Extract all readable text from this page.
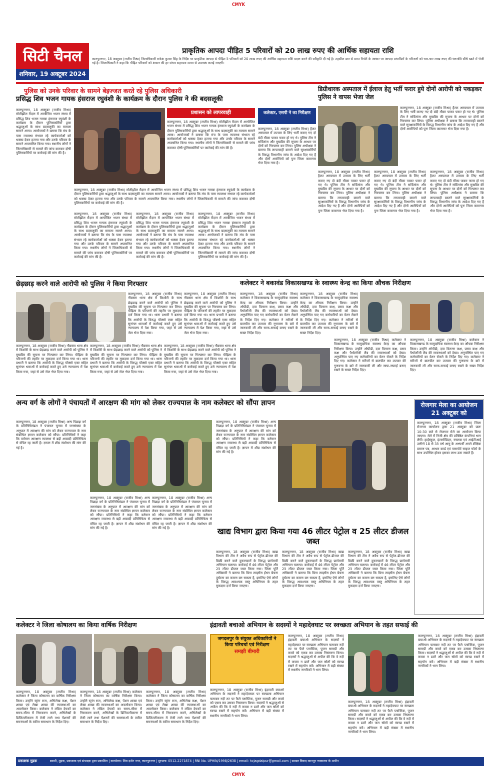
CMYK
सिटी चैनल
शनिवार, 19 अक्टूबर 2024
प्राकृतिक आपदा पीड़ित 5 परिवारों को 20 लाख रुपए की आर्थिक सहायता राशि
कानपुरनगर, 18 अक्टूबर (राजीव मिश्रा) जिलाधिकारी राकेश कुमार सिंह के निर्देश पर प्राकृतिक आपदा से पीड़ित 5 परिवारों को 20 लाख रुपए की आर्थिक सहायता राशि प्रदान करने की स्वीकृति दी गई है। तहसील स्तर से प्राप्त रिपोर्ट के आधार पर आपदा प्रभावितों के परिजनों को चार-चार लाख रुपए की धनराशि सीधे खाते में भेजी गई है। जिलाधिकारी ने कहा कि पीड़ित परिवारों को शासन की हर संभव सहायता समय से उपलब्ध कराई जाएगी।
पुलिस को उनके परिवार के सामने बेइज्जत करते रहे पुलिस अधिकारी
प्रसिद्ध शिव भजन गायक हंसराज रघुवंशी के कार्यक्रम के दौरान पुलिस ने की बदसलूकी
कानपुरनगर, 18 अक्टूबर (राजीव मिश्रा) मोतीझील मैदान में आयोजित भजन संध्या में प्रसिद्ध शिव भजन गायक हंसराज रघुवंशी के कार्यक्रम के दौरान पुलिसकर्मियों द्वारा श्रद्धालुओं के साथ बदसलूकी का मामला सामने आया। आयोजकों ने बताया कि मंच के पास व्यवस्था संभाल रहे कार्यकर्ताओं को धक्का देकर हटाया गया और उनके परिवार के सामने अपमानित किया गया। स्थानीय लोगों ने जिलाधिकारी से मामले की जांच कराकर दोषी पुलिसकर्मियों पर कार्रवाई की मांग की है।
प्रशासन को लापरवाही
कानपुरनगर, 18 अक्टूबर (राजीव मिश्रा) मोतीझील मैदान में आयोजित भजन संध्या में प्रसिद्ध शिव भजन गायक हंसराज रघुवंशी के कार्यक्रम के दौरान पुलिसकर्मियों द्वारा श्रद्धालुओं के साथ बदसलूकी का मामला सामने आया। आयोजकों ने बताया कि मंच के पास व्यवस्था संभाल रहे कार्यकर्ताओं को धक्का देकर हटाया गया और उनके परिवार के सामने अपमानित किया गया। स्थानीय लोगों ने जिलाधिकारी से मामले की जांच कराकर दोषी पुलिसकर्मियों पर कार्रवाई की मांग की है।
कानपुरनगर, 18 अक्टूबर (राजीव मिश्रा) मोतीझील मैदान में आयोजित भजन संध्या में प्रसिद्ध शिव भजन गायक हंसराज रघुवंशी के कार्यक्रम के दौरान पुलिसकर्मियों द्वारा श्रद्धालुओं के साथ बदसलूकी का मामला सामने आया। आयोजकों ने बताया कि मंच के पास व्यवस्था संभाल रहे कार्यकर्ताओं को धक्का देकर हटाया गया और उनके परिवार के सामने अपमानित किया गया। स्थानीय लोगों ने जिलाधिकारी से मामले की जांच कराकर दोषी पुलिसकर्मियों पर कार्रवाई की मांग की है।
कानपुरनगर, 18 अक्टूबर (राजीव मिश्रा) मोतीझील मैदान में आयोजित भजन संध्या में प्रसिद्ध शिव भजन गायक हंसराज रघुवंशी के कार्यक्रम के दौरान पुलिसकर्मियों द्वारा श्रद्धालुओं के साथ बदसलूकी का मामला सामने आया। आयोजकों ने बताया कि मंच के पास व्यवस्था संभाल रहे कार्यकर्ताओं को धक्का देकर हटाया गया और उनके परिवार के सामने अपमानित किया गया। स्थानीय लोगों ने जिलाधिकारी से मामले की जांच कराकर दोषी पुलिसकर्मियों पर कार्रवाई की मांग की है।
कानपुरनगर, 18 अक्टूबर (राजीव मिश्रा) मोतीझील मैदान में आयोजित भजन संध्या में प्रसिद्ध शिव भजन गायक हंसराज रघुवंशी के कार्यक्रम के दौरान पुलिसकर्मियों द्वारा श्रद्धालुओं के साथ बदसलूकी का मामला सामने आया। आयोजकों ने बताया कि मंच के पास व्यवस्था संभाल रहे कार्यकर्ताओं को धक्का देकर हटाया गया और उनके परिवार के सामने अपमानित किया गया। स्थानीय लोगों ने जिलाधिकारी से मामले की जांच कराकर दोषी पुलिसकर्मियों पर कार्रवाई की मांग की है।
कानपुरनगर, 18 अक्टूबर (राजीव मिश्रा) मोतीझील मैदान में आयोजित भजन संध्या में प्रसिद्ध शिव भजन गायक हंसराज रघुवंशी के कार्यक्रम के दौरान पुलिसकर्मियों द्वारा श्रद्धालुओं के साथ बदसलूकी का मामला सामने आया। आयोजकों ने बताया कि मंच के पास व्यवस्था संभाल रहे कार्यकर्ताओं को धक्का देकर हटाया गया और उनके परिवार के सामने अपमानित किया गया। स्थानीय लोगों ने जिलाधिकारी से मामले की जांच कराकर दोषी पुलिसकर्मियों पर कार्रवाई की मांग की है।
डिग्रीधारक अस्पताल में ईलाज हेतु भर्ती फरार हुये दोनों आरोपी को पकड़कर पुलिस ने वापस भेजा जेल
कलेक्टर, एसपी ने का निरीक्षण
कानपुरनगर, 18 अक्टूबर (राजीव मिश्रा) हैलट अस्पताल में उपचार के लिए भर्ती कराए गए दो बंदी मौका पाकर फरार हो गए थे। पुलिस टीम ने सर्विलांस और मुखबिर की सूचना के आधार पर दोनों को गिरफ्तार कर लिया। पुलिस अधीक्षक ने बताया कि लापरवाही बरतने वाले सुरक्षाकर्मियों के विरुद्ध विभागीय जांच के आदेश दिए गए हैं और दोनों आरोपियों को पुनः जिला कारागार भेज दिया गया है।
कानपुरनगर, 18 अक्टूबर (राजीव मिश्रा) हैलट अस्पताल में उपचार के लिए भर्ती कराए गए दो बंदी मौका पाकर फरार हो गए थे। पुलिस टीम ने सर्विलांस और मुखबिर की सूचना के आधार पर दोनों को गिरफ्तार कर लिया। पुलिस अधीक्षक ने बताया कि लापरवाही बरतने वाले सुरक्षाकर्मियों के विरुद्ध विभागीय जांच के आदेश दिए गए हैं और दोनों आरोपियों को पुनः जिला कारागार भेज दिया गया है।
कानपुरनगर, 18 अक्टूबर (राजीव मिश्रा) हैलट अस्पताल में उपचार के लिए भर्ती कराए गए दो बंदी मौका पाकर फरार हो गए थे। पुलिस टीम ने सर्विलांस और मुखबिर की सूचना के आधार पर दोनों को गिरफ्तार कर लिया। पुलिस अधीक्षक ने बताया कि लापरवाही बरतने वाले सुरक्षाकर्मियों के विरुद्ध विभागीय जांच के आदेश दिए गए हैं और दोनों आरोपियों को पुनः जिला कारागार भेज दिया गया है।
कानपुरनगर, 18 अक्टूबर (राजीव मिश्रा) हैलट अस्पताल में उपचार के लिए भर्ती कराए गए दो बंदी मौका पाकर फरार हो गए थे। पुलिस टीम ने सर्विलांस और मुखबिर की सूचना के आधार पर दोनों को गिरफ्तार कर लिया। पुलिस अधीक्षक ने बताया कि लापरवाही बरतने वाले सुरक्षाकर्मियों के विरुद्ध विभागीय जांच के आदेश दिए गए हैं और दोनों आरोपियों को पुनः जिला कारागार भेज दिया गया है।
कानपुरनगर, 18 अक्टूबर (राजीव मिश्रा) हैलट अस्पताल में उपचार के लिए भर्ती कराए गए दो बंदी मौका पाकर फरार हो गए थे। पुलिस टीम ने सर्विलांस और मुखबिर की सूचना के आधार पर दोनों को गिरफ्तार कर लिया। पुलिस अधीक्षक ने बताया कि लापरवाही बरतने वाले सुरक्षाकर्मियों के विरुद्ध विभागीय जांच के आदेश दिए गए हैं और दोनों आरोपियों को पुनः जिला कारागार भेज दिया गया है।
छेड़छाड़ करने वाले आरोपी को पुलिस ने किया गिरफ्तार
कानपुरनगर, 18 अक्टूबर (राजीव मिश्रा) नौबस्ता थाना क्षेत्र में किशोरी के साथ छेड़छाड़ करने वाले आरोपी को पुलिस ने मुखबिर की सूचना पर गिरफ्तार कर लिया। पीड़िता के परिजनों की तहरीर पर मुकदमा दर्ज किया गया था। थाना प्रभारी ने बताया कि आरोपी के विरुद्ध पॉक्सो एक्ट सहित सुसंगत धाराओं में कार्रवाई करते हुए उसे न्यायालय में पेश किया गया, जहां से उसे जेल भेज दिया गया।
कानपुरनगर, 18 अक्टूबर (राजीव मिश्रा) नौबस्ता थाना क्षेत्र में किशोरी के साथ छेड़छाड़ करने वाले आरोपी को पुलिस ने मुखबिर की सूचना पर गिरफ्तार कर लिया। पीड़िता के परिजनों की तहरीर पर मुकदमा दर्ज किया गया था। थाना प्रभारी ने बताया कि आरोपी के विरुद्ध पॉक्सो एक्ट सहित सुसंगत धाराओं में कार्रवाई करते हुए उसे न्यायालय में पेश किया गया, जहां से उसे जेल भेज दिया गया।
कानपुरनगर, 18 अक्टूबर (राजीव मिश्रा) नौबस्ता थाना क्षेत्र में किशोरी के साथ छेड़छाड़ करने वाले आरोपी को पुलिस ने मुखबिर की सूचना पर गिरफ्तार कर लिया। पीड़िता के परिजनों की तहरीर पर मुकदमा दर्ज किया गया था। थाना प्रभारी ने बताया कि आरोपी के विरुद्ध पॉक्सो एक्ट सहित सुसंगत धाराओं में कार्रवाई करते हुए उसे न्यायालय में पेश किया गया, जहां से उसे जेल भेज दिया गया।
कानपुरनगर, 18 अक्टूबर (राजीव मिश्रा) नौबस्ता थाना क्षेत्र में किशोरी के साथ छेड़छाड़ करने वाले आरोपी को पुलिस ने मुखबिर की सूचना पर गिरफ्तार कर लिया। पीड़िता के परिजनों की तहरीर पर मुकदमा दर्ज किया गया था। थाना प्रभारी ने बताया कि आरोपी के विरुद्ध पॉक्सो एक्ट सहित सुसंगत धाराओं में कार्रवाई करते हुए उसे न्यायालय में पेश किया गया, जहां से उसे जेल भेज दिया गया।
कानपुरनगर, 18 अक्टूबर (राजीव मिश्रा) नौबस्ता थाना क्षेत्र में किशोरी के साथ छेड़छाड़ करने वाले आरोपी को पुलिस ने मुखबिर की सूचना पर गिरफ्तार कर लिया। पीड़िता के परिजनों की तहरीर पर मुकदमा दर्ज किया गया था। थाना प्रभारी ने बताया कि आरोपी के विरुद्ध पॉक्सो एक्ट सहित सुसंगत धाराओं में कार्रवाई करते हुए उसे न्यायालय में पेश किया गया, जहां से उसे जेल भेज दिया गया।
कलेक्टर ने बकावंड विकासखण्ड के स्वास्थ्य केन्द्र का किया औचक निरीक्षण
कानपुरनगर, 18 अक्टूबर (राजीव मिश्रा) कलेक्टर ने विकासखण्ड के सामुदायिक स्वास्थ्य केन्द्र का औचक निरीक्षण किया। उन्होंने ओपीडी, दवा वितरण कक्ष, प्रसव कक्ष और पैथोलॉजी लैब की व्यवस्थाओं को देखा। अनुपस्थित पाए गए कर्मचारियों का वेतन रोकने के निर्देश दिए गए। कलेक्टर ने मरीजों से बातचीत कर उपचार की गुणवत्ता के बारे में जानकारी ली और साफ-सफाई बनाए रखने के सख्त निर्देश दिए।
कानपुरनगर, 18 अक्टूबर (राजीव मिश्रा) कलेक्टर ने विकासखण्ड के सामुदायिक स्वास्थ्य केन्द्र का औचक निरीक्षण किया। उन्होंने ओपीडी, दवा वितरण कक्ष, प्रसव कक्ष और पैथोलॉजी लैब की व्यवस्थाओं को देखा। अनुपस्थित पाए गए कर्मचारियों का वेतन रोकने के निर्देश दिए गए। कलेक्टर ने मरीजों से बातचीत कर उपचार की गुणवत्ता के बारे में जानकारी ली और साफ-सफाई बनाए रखने के सख्त निर्देश दिए।
कानपुरनगर, 18 अक्टूबर (राजीव मिश्रा) कलेक्टर ने विकासखण्ड के सामुदायिक स्वास्थ्य केन्द्र का औचक निरीक्षण किया। उन्होंने ओपीडी, दवा वितरण कक्ष, प्रसव कक्ष और पैथोलॉजी लैब की व्यवस्थाओं को देखा। अनुपस्थित पाए गए कर्मचारियों का वेतन रोकने के निर्देश दिए गए। कलेक्टर ने मरीजों से बातचीत कर उपचार की गुणवत्ता के बारे में जानकारी ली और साफ-सफाई बनाए रखने के सख्त निर्देश दिए।
कानपुरनगर, 18 अक्टूबर (राजीव मिश्रा) कलेक्टर ने विकासखण्ड के सामुदायिक स्वास्थ्य केन्द्र का औचक निरीक्षण किया। उन्होंने ओपीडी, दवा वितरण कक्ष, प्रसव कक्ष और पैथोलॉजी लैब की व्यवस्थाओं को देखा। अनुपस्थित पाए गए कर्मचारियों का वेतन रोकने के निर्देश दिए गए। कलेक्टर ने मरीजों से बातचीत कर उपचार की गुणवत्ता के बारे में जानकारी ली और साफ-सफाई बनाए रखने के सख्त निर्देश दिए।
अन्य वर्ग के लोगों ने पंचायतों में आरक्षण की मांग को लेकर राज्यपाल के नाम कलेक्टर को सौंपा ज्ञापन
कानपुरनगर, 18 अक्टूबर (राजीव मिश्रा) अन्य पिछड़ा वर्ग के प्रतिनिधिमंडल ने पंचायत चुनाव में जनसंख्या के अनुपात में आरक्षण की मांग को लेकर राज्यपाल के नाम संबोधित ज्ञापन कलेक्टर को सौंपा। प्रतिनिधियों ने कहा कि वर्तमान आरक्षण व्यवस्था से बड़ी आबादी प्रतिनिधित्व से वंचित रह जाती है। ज्ञापन में शीघ्र संशोधन की मांग की गई है।
कानपुरनगर, 18 अक्टूबर (राजीव मिश्रा) अन्य पिछड़ा वर्ग के प्रतिनिधिमंडल ने पंचायत चुनाव में जनसंख्या के अनुपात में आरक्षण की मांग को लेकर राज्यपाल के नाम संबोधित ज्ञापन कलेक्टर को सौंपा। प्रतिनिधियों ने कहा कि वर्तमान आरक्षण व्यवस्था से बड़ी आबादी प्रतिनिधित्व से वंचित रह जाती है। ज्ञापन में शीघ्र संशोधन की मांग की गई है।
कानपुरनगर, 18 अक्टूबर (राजीव मिश्रा) अन्य पिछड़ा वर्ग के प्रतिनिधिमंडल ने पंचायत चुनाव में जनसंख्या के अनुपात में आरक्षण की मांग को लेकर राज्यपाल के नाम संबोधित ज्ञापन कलेक्टर को सौंपा। प्रतिनिधियों ने कहा कि वर्तमान आरक्षण व्यवस्था से बड़ी आबादी प्रतिनिधित्व से वंचित रह जाती है। ज्ञापन में शीघ्र संशोधन की मांग की गई है।
कानपुरनगर, 18 अक्टूबर (राजीव मिश्रा) अन्य पिछड़ा वर्ग के प्रतिनिधिमंडल ने पंचायत चुनाव में जनसंख्या के अनुपात में आरक्षण की मांग को लेकर राज्यपाल के नाम संबोधित ज्ञापन कलेक्टर को सौंपा। प्रतिनिधियों ने कहा कि वर्तमान आरक्षण व्यवस्था से बड़ी आबादी प्रतिनिधित्व से वंचित रह जाती है। ज्ञापन में शीघ्र संशोधन की मांग की गई है।
खाद्य विभाग द्वारा किया गया 46 लीटर पेट्रोल व 25 लीटर डीजल जब्त
कानपुरनगर, 18 अक्टूबर (राजीव मिश्रा) खाद्य विभाग की टीम ने अवैध रूप से पेट्रोल-डीजल की बिक्री करने वाले दुकानदारों के विरुद्ध छापेमारी अभियान चलाया। कार्रवाई में 46 लीटर पेट्रोल और 25 लीटर डीजल जब्त किया गया। जिला पूर्ति अधिकारी ने बताया कि बिना लाइसेंस ईंधन बेचना दुर्घटना का कारण बन सकता है, इसलिए ऐसे लोगों के विरुद्ध आवश्यक वस्तु अधिनियम के तहत मुकदमा दर्ज किया जाएगा।
कानपुरनगर, 18 अक्टूबर (राजीव मिश्रा) खाद्य विभाग की टीम ने अवैध रूप से पेट्रोल-डीजल की बिक्री करने वाले दुकानदारों के विरुद्ध छापेमारी अभियान चलाया। कार्रवाई में 46 लीटर पेट्रोल और 25 लीटर डीजल जब्त किया गया। जिला पूर्ति अधिकारी ने बताया कि बिना लाइसेंस ईंधन बेचना दुर्घटना का कारण बन सकता है, इसलिए ऐसे लोगों के विरुद्ध आवश्यक वस्तु अधिनियम के तहत मुकदमा दर्ज किया जाएगा।
कानपुरनगर, 18 अक्टूबर (राजीव मिश्रा) खाद्य विभाग की टीम ने अवैध रूप से पेट्रोल-डीजल की बिक्री करने वाले दुकानदारों के विरुद्ध छापेमारी अभियान चलाया। कार्रवाई में 46 लीटर पेट्रोल और 25 लीटर डीजल जब्त किया गया। जिला पूर्ति अधिकारी ने बताया कि बिना लाइसेंस ईंधन बेचना दुर्घटना का कारण बन सकता है, इसलिए ऐसे लोगों के विरुद्ध आवश्यक वस्तु अधिनियम के तहत मुकदमा दर्ज किया जाएगा।
रोजगार मेला का आयोजन 21 अक्टूबर को
कानपुरनगर, 18 अक्टूबर (राजीव मिश्रा) जिला रोजगार कार्यालय द्वारा 21 अक्टूबर को प्रातः 10:30 बजे से रोजगार मेले का आयोजन किया जाएगा। मेले में निजी क्षेत्र की प्रतिष्ठित कंपनियां भाग लेंगी। हाईस्कूल, इंटरमीडिएट, स्नातक एवं आईटीआई उत्तीर्ण 18 से 35 वर्ष आयु के अभ्यर्थी अपने शैक्षिक प्रमाण पत्र, आधार कार्ड एवं पासपोर्ट साइज फोटो के साथ उपस्थित होकर इसका लाभ उठा सकते हैं।
कलेक्टर ने जिला कोषालय का किया वार्षिक निरीक्षण
कानपुरनगर, 18 अक्टूबर (राजीव मिश्रा) कलेक्टर ने जिला कोषालय का वार्षिक निरीक्षण किया। उन्होंने स्ट्रांग रूम, अभिलेख कक्ष, पेंशन शाखा एवं लेखा शाखा की व्यवस्थाओं का अवलोकन किया। कलेक्टर ने लंबित देयकों का समय-सीमा में निराकरण करने, अभिलेखों के डिजिटलीकरण में तेजी लाने तथा पेंशनरों की समस्याओं के त्वरित समाधान के निर्देश दिए।
कानपुरनगर, 18 अक्टूबर (राजीव मिश्रा) कलेक्टर ने जिला कोषालय का वार्षिक निरीक्षण किया। उन्होंने स्ट्रांग रूम, अभिलेख कक्ष, पेंशन शाखा एवं लेखा शाखा की व्यवस्थाओं का अवलोकन किया। कलेक्टर ने लंबित देयकों का समय-सीमा में निराकरण करने, अभिलेखों के डिजिटलीकरण में तेजी लाने तथा पेंशनरों की समस्याओं के त्वरित समाधान के निर्देश दिए।
कानपुरनगर, 18 अक्टूबर (राजीव मिश्रा) कलेक्टर ने जिला कोषालय का वार्षिक निरीक्षण किया। उन्होंने स्ट्रांग रूम, अभिलेख कक्ष, पेंशन शाखा एवं लेखा शाखा की व्यवस्थाओं का अवलोकन किया। कलेक्टर ने लंबित देयकों का समय-सीमा में निराकरण करने, अभिलेखों के डिजिटलीकरण में तेजी लाने तथा पेंशनरों की समस्याओं के त्वरित समाधान के निर्देश दिए।
इंद्रावती बचाओ अभियान के सदस्यों ने महादेवघाट पर स्वच्छता अभियान के तहत सफाई की
जगदलपुर के संयुक्त अधिकारियों ने किया परिचर्चा एवं निरीक्षण
समझी बीमारी
कानपुरनगर, 18 अक्टूबर (राजीव मिश्रा) इंद्रावती बचाओ अभियान के सदस्यों ने महादेवघाट पर स्वच्छता अभियान चलाकर नदी तट पर फैले प्लास्टिक, पूजन सामग्री और कचरे को एकत्र कर उसका निस्तारण किया। सदस्यों ने श्रद्धालुओं से अपील की कि वे नदी में कचरा न डालें और जल स्रोतों को स्वच्छ रखने में सहयोग करें। अभियान में बड़ी संख्या में स्थानीय नागरिकों ने भाग लिया।
कानपुरनगर, 18 अक्टूबर (राजीव मिश्रा) इंद्रावती बचाओ अभियान के सदस्यों ने महादेवघाट पर स्वच्छता अभियान चलाकर नदी तट पर फैले प्लास्टिक, पूजन सामग्री और कचरे को एकत्र कर उसका निस्तारण किया। सदस्यों ने श्रद्धालुओं से अपील की कि वे नदी में कचरा न डालें और जल स्रोतों को स्वच्छ रखने में सहयोग करें। अभियान में बड़ी संख्या में स्थानीय नागरिकों ने भाग लिया।
कानपुरनगर, 18 अक्टूबर (राजीव मिश्रा) इंद्रावती बचाओ अभियान के सदस्यों ने महादेवघाट पर स्वच्छता अभियान चलाकर नदी तट पर फैले प्लास्टिक, पूजन सामग्री और कचरे को एकत्र कर उसका निस्तारण किया। सदस्यों ने श्रद्धालुओं से अपील की कि वे नदी में कचरा न डालें और जल स्रोतों को स्वच्छ रखने में सहयोग करें। अभियान में बड़ी संख्या में स्थानीय नागरिकों ने भाग लिया।
कानपुरनगर, 18 अक्टूबर (राजीव मिश्रा) इंद्रावती बचाओ अभियान के सदस्यों ने महादेवघाट पर स्वच्छता अभियान चलाकर नदी तट पर फैले प्लास्टिक, पूजन सामग्री और कचरे को एकत्र कर उसका निस्तारण किया। सदस्यों ने श्रद्धालुओं से अपील की कि वे नदी में कचरा न डालें और जल स्रोतों को स्वच्छ रखने में सहयोग करें। अभियान में बड़ी संख्या में स्थानीय नागरिकों ने भाग लिया।
प्रकाशक मुद्रक	स्वामी, मुद्रक, प्रकाशक एवं संपादक द्वारा प्रकाशित | कार्यालय: शिव दर्शन नगर, कानपुरनगर | दूरभाष: 0512-2271874 | RNI No. UPHIN/1998/2638 | email: hcjagdalpur@gmail.com | समस्त विवाद कानपुर न्यायालय के अधीन
CMYK
